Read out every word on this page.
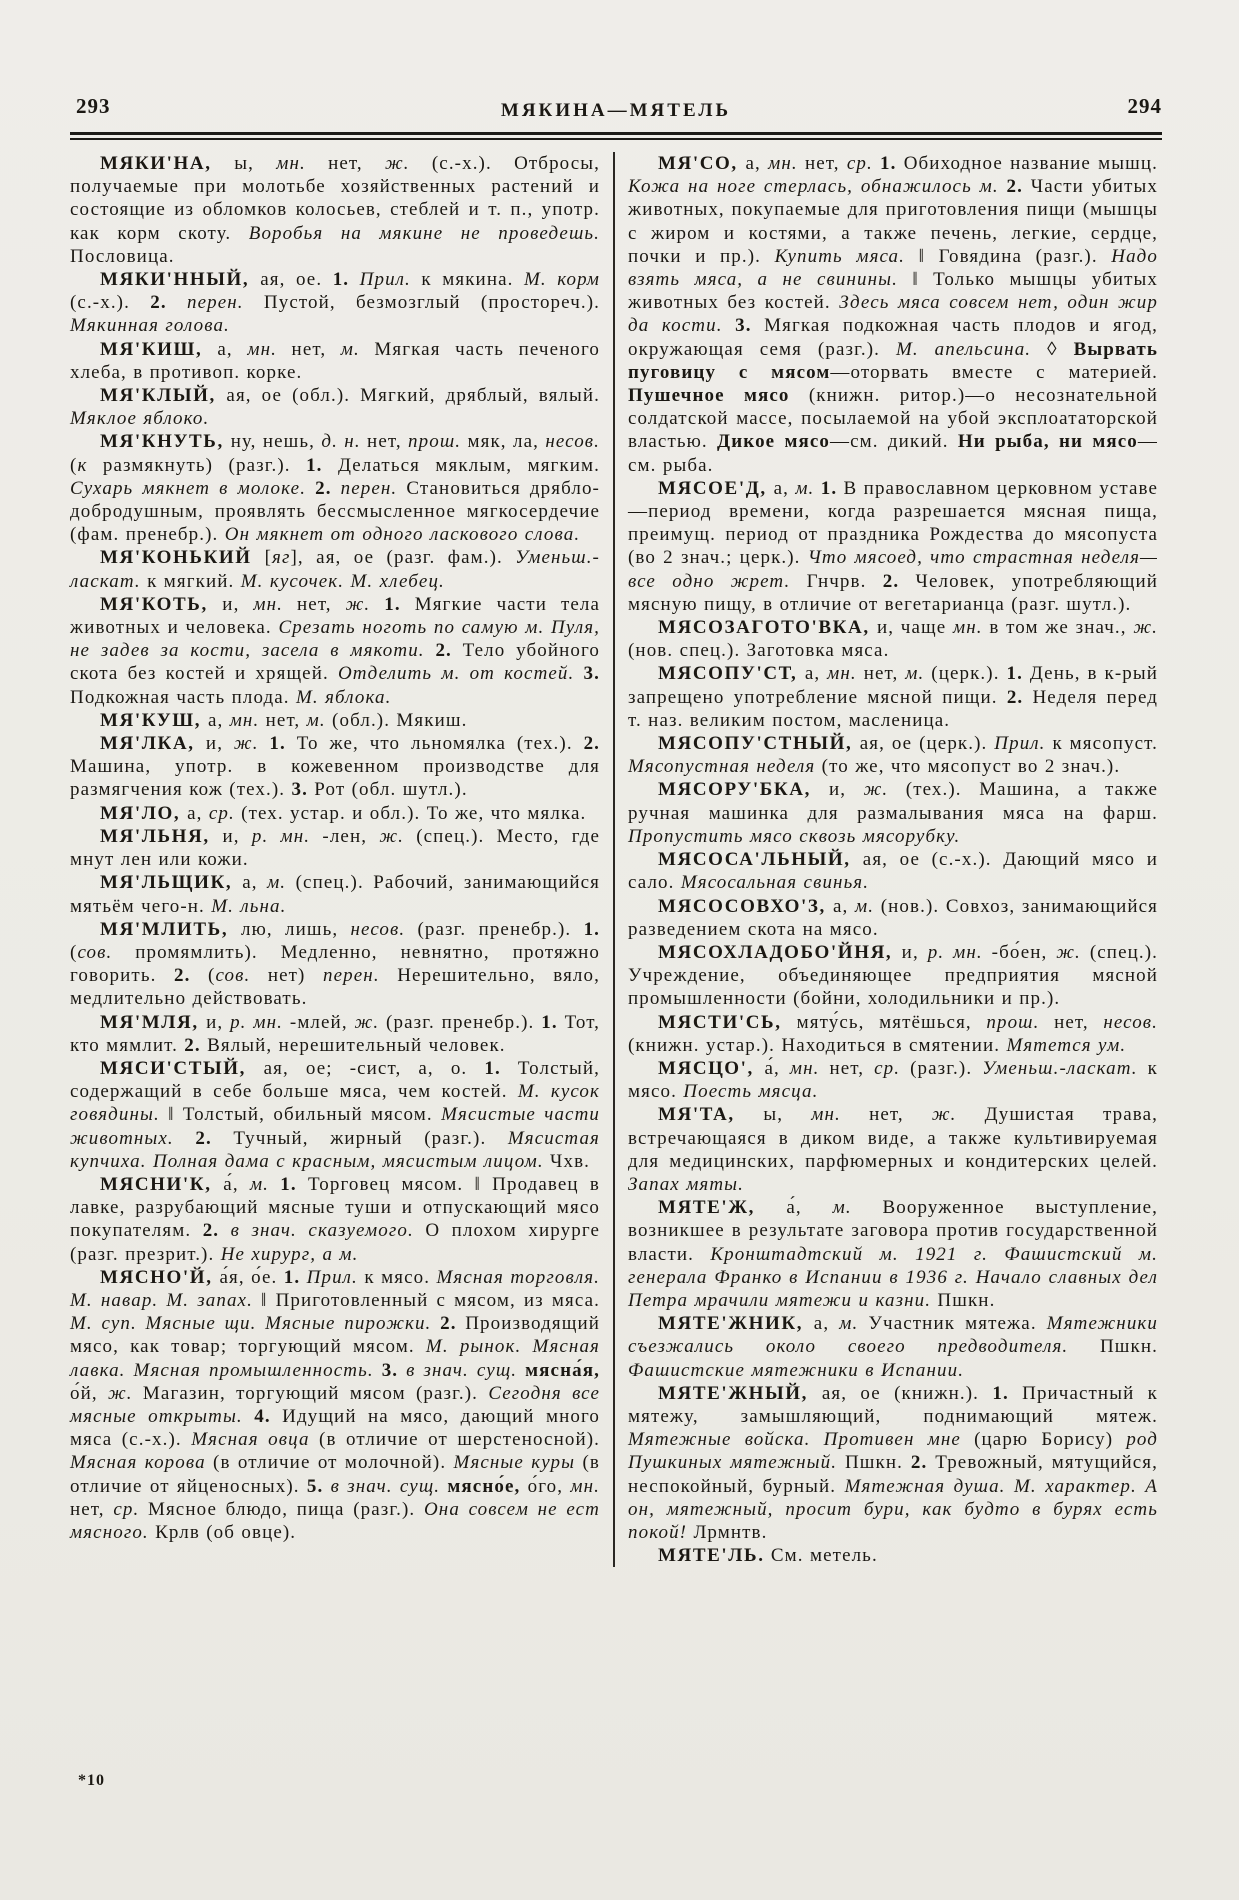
293	МЯКИНА—МЯТЕЛЬ	294

МЯКИ'НА, ы, мн. нет, ж. (с.-х.). Отбросы, получаемые при молотьбе хозяйственных растений и состоящие из обломков колосьев, стеблей и т. п., употр. как корм скоту. Воробья на мякине не проведешь. Пословица.

МЯКИ'ННЫЙ, ая, ое. 1. Прил. к мякина. М. корм (с.-х.). 2. перен. Пустой, безмозглый (простореч.). Мякинная голова.

МЯ'КИШ, а, мн. нет, м. Мягкая часть печеного хлеба, в противоп. корке.

МЯ'КЛЫЙ, ая, ое (обл.). Мягкий, дряблый, вялый. Мяклое яблоко.

МЯ'КНУТЬ, ну, нешь, д. н. нет, прош. мяк, ла, несов. (к размякнуть) (разг.). 1. Делаться мяклым, мягким. Сухарь мякнет в молоке. 2. перен. Становиться дрябло-добродушным, проявлять бессмысленное мягкосердечие (фам. пренебр.). Он мякнет от одного ласкового слова.

МЯ'КОНЬКИЙ [яг], ая, ое (разг. фам.). Уменьш.-ласкат. к мягкий. М. кусочек. М. хлебец.

МЯ'КОТЬ, и, мн. нет, ж. 1. Мягкие части тела животных и человека. Срезать ноготь по самую м. Пуля, не задев за кости, засела в мякоти. 2. Тело убойного скота без костей и хрящей. Отделить м. от костей. 3. Подкожная часть плода. М. яблока.

МЯ'КУШ, а, мн. нет, м. (обл.). Мякиш.

МЯ'ЛКА, и, ж. 1. То же, что льномялка (тех.). 2. Машина, употр. в кожевенном производстве для размягчения кож (тех.). 3. Рот (обл. шутл.).

МЯ'ЛО, а, ср. (тех. устар. и обл.). То же, что мялка.

МЯ'ЛЬНЯ, и, р. мн. -лен, ж. (спец.). Место, где мнут лен или кожи.

МЯ'ЛЬЩИК, а, м. (спец.). Рабочий, занимающийся мятьём чего-н. М. льна.

МЯ'МЛИТЬ, лю, лишь, несов. (разг. пренебр.). 1. (сов. промямлить). Медленно, невнятно, протяжно говорить. 2. (сов. нет) перен. Нерешительно, вяло, медлительно действовать.

МЯ'МЛЯ, и, р. мн. -млей, ж. (разг. пренебр.). 1. Тот, кто мямлит. 2. Вялый, нерешительный человек.

МЯСИ'СТЫЙ, ая, ое; -сист, а, о. 1. Толстый, содержащий в себе больше мяса, чем костей. М. кусок говядины. ‖ Толстый, обильный мясом. Мясистые части животных. 2. Тучный, жирный (разг.). Мясистая купчиха. Полная дама с красным, мясистым лицом. Чхв.

МЯСНИ'К, а́, м. 1. Торговец мясом. ‖ Продавец в лавке, разрубающий мясные туши и отпускающий мясо покупателям. 2. в знач. сказуемого. О плохом хирурге (разг. презрит.). Не хирург, а м.

МЯСНО'Й, а́я, о́е. 1. Прил. к мясо. Мясная торговля. М. навар. М. запах. ‖ Приготовленный с мясом, из мяса. М. суп. Мясные щи. Мясные пирожки. 2. Производящий мясо, как товар; торгующий мясом. М. рынок. Мясная лавка. Мясная промышленность. 3. в знач. сущ. мясна́я, о́й, ж. Магазин, торгующий мясом (разг.). Сегодня все мясные открыты. 4. Идущий на мясо, дающий много мяса (с.-х.). Мясная овца (в отличие от шерстеносной). Мясная корова (в отличие от молочной). Мясные куры (в отличие от яйценосных). 5. в знач. сущ. мясно́е, о́го, мн. нет, ср. Мясное блюдо, пища (разг.). Она совсем не ест мясного. Крлв (об овце).

МЯ'СО, а, мн. нет, ср. 1. Обиходное название мышц. Кожа на ноге стерлась, обнажилось м. 2. Части убитых животных, покупаемые для приготовления пищи (мышцы с жиром и костями, а также печень, легкие, сердце, почки и пр.). Купить мяса. ‖ Говядина (разг.). Надо взять мяса, а не свинины. ‖ Только мышцы убитых животных без костей. Здесь мяса совсем нет, один жир да кости. 3. Мягкая подкожная часть плодов и ягод, окружающая семя (разг.). М. апельсина. ◊ Вырвать пуговицу с мясом—оторвать вместе с материей. Пушечное мясо (книжн. ритор.)—о несознательной солдатской массе, посылаемой на убой эксплоататорской властью. Дикое мясо—см. дикий. Ни рыба, ни мясо—см. рыба.

МЯСОЕ'Д, а, м. 1. В православном церковном уставе—период времени, когда разрешается мясная пища, преимущ. период от праздника Рождества до мясопуста (во 2 знач.; церк.). Что мясоед, что страстная неделя—все одно жрет. Гнчрв. 2. Человек, употребляющий мясную пищу, в отличие от вегетарианца (разг. шутл.).

МЯСОЗАГОТО'ВКА, и, чаще мн. в том же знач., ж. (нов. спец.). Заготовка мяса.

МЯСОПУ'СТ, а, мн. нет, м. (церк.). 1. День, в к-рый запрещено употребление мясной пищи. 2. Неделя перед т. наз. великим постом, масленица.

МЯСОПУ'СТНЫЙ, ая, ое (церк.). Прил. к мясопуст. Мясопустная неделя (то же, что мясопуст во 2 знач.).

МЯСОРУ'БКА, и, ж. (тех.). Машина, а также ручная машинка для размалывания мяса на фарш. Пропустить мясо сквозь мясорубку.

МЯСОСА'ЛЬНЫЙ, ая, ое (с.-х.). Дающий мясо и сало. Мясосальная свинья.

МЯСОСОВХО'З, а, м. (нов.). Совхоз, занимающийся разведением скота на мясо.

МЯСОХЛАДОБО'ЙНЯ, и, р. мн. -бо́ен, ж. (спец.). Учреждение, объединяющее предприятия мясной промышленности (бойни, холодильники и пр.).

МЯСТИ'СЬ, мяту́сь, мятёшься, прош. нет, несов. (книжн. устар.). Находиться в смятении. Мятется ум.

МЯСЦО', а́, мн. нет, ср. (разг.). Уменьш.-ласкат. к мясо. Поесть мясца.

МЯ'ТА, ы, мн. нет, ж. Душистая трава, встречающаяся в диком виде, а также культивируемая для медицинских, парфюмерных и кондитерских целей. Запах мяты.

МЯТЕ'Ж, а́, м. Вооруженное выступление, возникшее в результате заговора против государственной власти. Кронштадтский м. 1921 г. Фашистский м. генерала Франко в Испании в 1936 г. Начало славных дел Петра мрачили мятежи и казни. Пшкн.

МЯТЕ'ЖНИК, а, м. Участник мятежа. Мятежники съезжались около своего предводителя. Пшкн. Фашистские мятежники в Испании.

МЯТЕ'ЖНЫЙ, ая, ое (книжн.). 1. Причастный к мятежу, замышляющий, поднимающий мятеж. Мятежные войска. Противен мне (царю Борису) род Пушкиных мятежный. Пшкн. 2. Тревожный, мятущийся, неспокойный, бурный. Мятежная душа. М. характер. А он, мятежный, просит бури, как будто в бурях есть покой! Лрмнтв.

МЯТЕ'ЛЬ. См. метель.

*10
